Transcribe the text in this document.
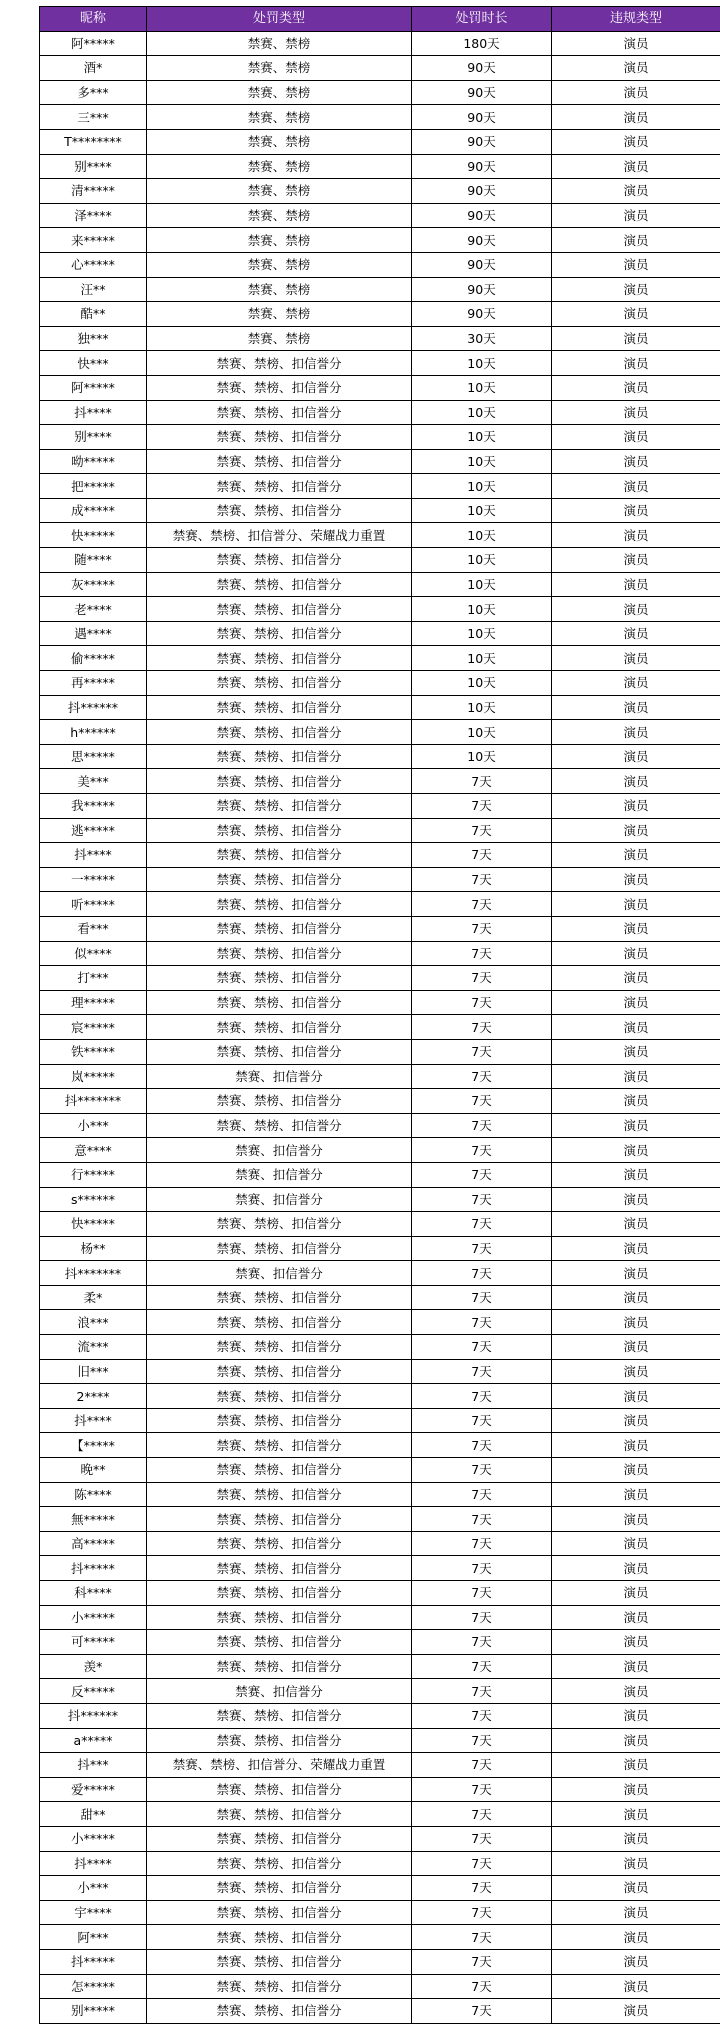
昵称	处罚类型	处罚时长	违规类型
阿*****	禁赛、禁榜	180天	演员
酒*	禁赛、禁榜	90天	演员
多***	禁赛、禁榜	90天	演员
三***	禁赛、禁榜	90天	演员
T********	禁赛、禁榜	90天	演员
别****	禁赛、禁榜	90天	演员
清*****	禁赛、禁榜	90天	演员
泽****	禁赛、禁榜	90天	演员
来*****	禁赛、禁榜	90天	演员
心*****	禁赛、禁榜	90天	演员
汪**	禁赛、禁榜	90天	演员
酷**	禁赛、禁榜	90天	演员
独***	禁赛、禁榜	30天	演员
快***	禁赛、禁榜、扣信誉分	10天	演员
阿*****	禁赛、禁榜、扣信誉分	10天	演员
抖****	禁赛、禁榜、扣信誉分	10天	演员
别****	禁赛、禁榜、扣信誉分	10天	演员
呦*****	禁赛、禁榜、扣信誉分	10天	演员
把*****	禁赛、禁榜、扣信誉分	10天	演员
成*****	禁赛、禁榜、扣信誉分	10天	演员
快*****	禁赛、禁榜、扣信誉分、荣耀战力重置	10天	演员
随****	禁赛、禁榜、扣信誉分	10天	演员
灰*****	禁赛、禁榜、扣信誉分	10天	演员
老****	禁赛、禁榜、扣信誉分	10天	演员
遇****	禁赛、禁榜、扣信誉分	10天	演员
偷*****	禁赛、禁榜、扣信誉分	10天	演员
再*****	禁赛、禁榜、扣信誉分	10天	演员
抖******	禁赛、禁榜、扣信誉分	10天	演员
h******	禁赛、禁榜、扣信誉分	10天	演员
思*****	禁赛、禁榜、扣信誉分	10天	演员
美***	禁赛、禁榜、扣信誉分	7天	演员
我*****	禁赛、禁榜、扣信誉分	7天	演员
逃*****	禁赛、禁榜、扣信誉分	7天	演员
抖****	禁赛、禁榜、扣信誉分	7天	演员
一*****	禁赛、禁榜、扣信誉分	7天	演员
听*****	禁赛、禁榜、扣信誉分	7天	演员
看***	禁赛、禁榜、扣信誉分	7天	演员
似****	禁赛、禁榜、扣信誉分	7天	演员
打***	禁赛、禁榜、扣信誉分	7天	演员
理*****	禁赛、禁榜、扣信誉分	7天	演员
宸*****	禁赛、禁榜、扣信誉分	7天	演员
铁*****	禁赛、禁榜、扣信誉分	7天	演员
岚*****	禁赛、扣信誉分	7天	演员
抖*******	禁赛、禁榜、扣信誉分	7天	演员
小***	禁赛、禁榜、扣信誉分	7天	演员
意****	禁赛、扣信誉分	7天	演员
行*****	禁赛、扣信誉分	7天	演员
s******	禁赛、扣信誉分	7天	演员
快*****	禁赛、禁榜、扣信誉分	7天	演员
杨**	禁赛、禁榜、扣信誉分	7天	演员
抖*******	禁赛、扣信誉分	7天	演员
柔*	禁赛、禁榜、扣信誉分	7天	演员
浪***	禁赛、禁榜、扣信誉分	7天	演员
流***	禁赛、禁榜、扣信誉分	7天	演员
旧***	禁赛、禁榜、扣信誉分	7天	演员
2****	禁赛、禁榜、扣信誉分	7天	演员
抖****	禁赛、禁榜、扣信誉分	7天	演员
【*****	禁赛、禁榜、扣信誉分	7天	演员
晚**	禁赛、禁榜、扣信誉分	7天	演员
陈****	禁赛、禁榜、扣信誉分	7天	演员
無*****	禁赛、禁榜、扣信誉分	7天	演员
高*****	禁赛、禁榜、扣信誉分	7天	演员
抖*****	禁赛、禁榜、扣信誉分	7天	演员
科****	禁赛、禁榜、扣信誉分	7天	演员
小*****	禁赛、禁榜、扣信誉分	7天	演员
可*****	禁赛、禁榜、扣信誉分	7天	演员
羡*	禁赛、禁榜、扣信誉分	7天	演员
反*****	禁赛、扣信誉分	7天	演员
抖******	禁赛、禁榜、扣信誉分	7天	演员
a*****	禁赛、禁榜、扣信誉分	7天	演员
抖***	禁赛、禁榜、扣信誉分、荣耀战力重置	7天	演员
爱*****	禁赛、禁榜、扣信誉分	7天	演员
甜**	禁赛、禁榜、扣信誉分	7天	演员
小*****	禁赛、禁榜、扣信誉分	7天	演员
抖****	禁赛、禁榜、扣信誉分	7天	演员
小***	禁赛、禁榜、扣信誉分	7天	演员
宇****	禁赛、禁榜、扣信誉分	7天	演员
阿***	禁赛、禁榜、扣信誉分	7天	演员
抖*****	禁赛、禁榜、扣信誉分	7天	演员
怎*****	禁赛、禁榜、扣信誉分	7天	演员
别*****	禁赛、禁榜、扣信誉分	7天	演员
